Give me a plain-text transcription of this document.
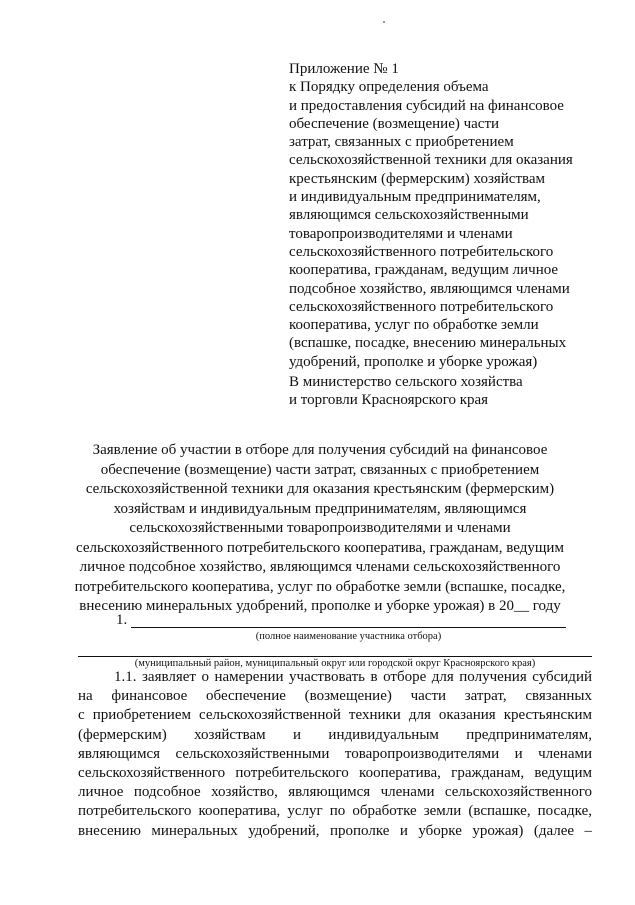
Приложение № 1
к Порядку определения объема
и предоставления субсидий на финансовое
обеспечение (возмещение) части
затрат, связанных с приобретением
сельскохозяйственной техники для оказания
крестьянским (фермерским) хозяйствам
и индивидуальным предпринимателям,
являющимся сельскохозяйственными
товаропроизводителями и членами
сельскохозяйственного потребительского
кооператива, гражданам, ведущим личное
подсобное хозяйство, являющимся членами
сельскохозяйственного потребительского
кооператива, услуг по обработке земли
(вспашке, посадке, внесению минеральных
удобрений, прополке и уборке урожая)
В министерство сельского хозяйства
и торговли Красноярского края
Заявление об участии в отборе для получения субсидий на финансовое
обеспечение (возмещение) части затрат, связанных с приобретением
сельскохозяйственной техники для оказания крестьянским (фермерским)
хозяйствам и индивидуальным предпринимателям, являющимся
сельскохозяйственными товаропроизводителями и членами
сельскохозяйственного потребительского кооператива, гражданам, ведущим
личное подсобное хозяйство, являющимся членами сельскохозяйственного
потребительского кооператива, услуг по обработке земли (вспашке, посадке,
внесению минеральных удобрений, прополке и уборке урожая) в 20__ году
1.
(полное наименование участника отбора)
(муниципальный район, муниципальный округ или городской округ Красноярского края)
1.1. заявляет о намерении участвовать в отборе для получения субсидий
на финансовое обеспечение (возмещение) части затрат, связанных
с приобретением сельскохозяйственной техники для оказания крестьянским
(фермерским) хозяйствам и индивидуальным предпринимателям,
являющимся сельскохозяйственными товаропроизводителями и членами
сельскохозяйственного потребительского кооператива, гражданам, ведущим
личное подсобное хозяйство, являющимся членами сельскохозяйственного
потребительского кооператива, услуг по обработке земли (вспашке, посадке,
внесению минеральных удобрений, прополке и уборке урожая) (далее –
